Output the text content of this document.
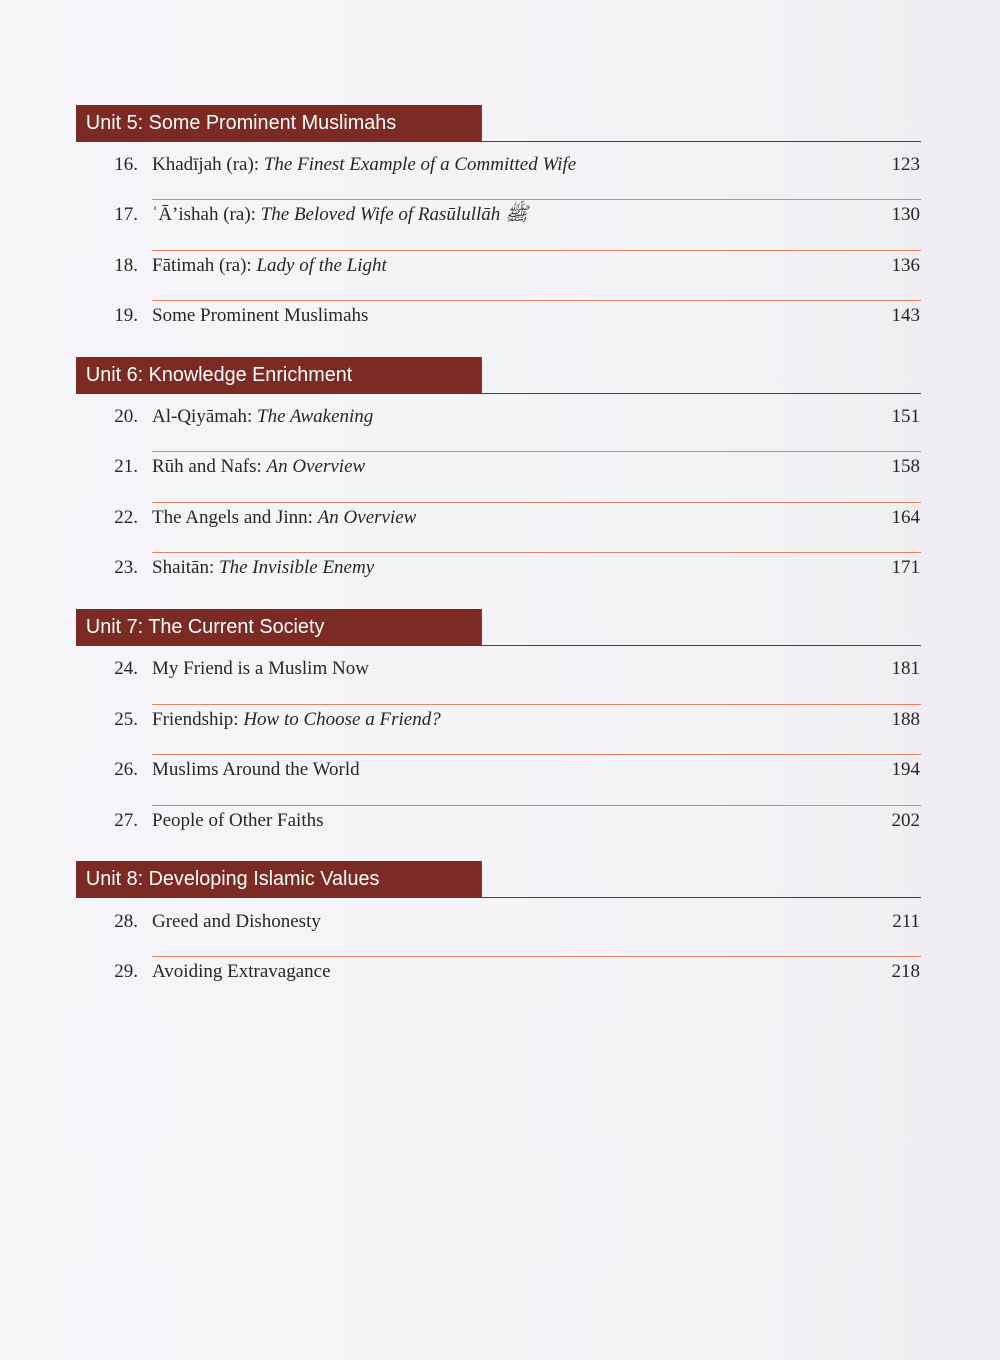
Unit 5: Some Prominent Muslimahs
16. Khadījah (ra): The Finest Example of a Committed Wife	123
17. ʿĀ’ishah (ra): The Beloved Wife of Rasūlullāh ﷺ	130
18. Fātimah (ra): Lady of the Light	136
19. Some Prominent Muslimahs	143
Unit 6: Knowledge Enrichment
20. Al-Qiyāmah: The Awakening	151
21. Rūh and Nafs: An Overview	158
22. The Angels and Jinn: An Overview	164
23. Shaitān: The Invisible Enemy	171
Unit 7: The Current Society
24. My Friend is a Muslim Now	181
25. Friendship: How to Choose a Friend?	188
26. Muslims Around the World	194
27. People of Other Faiths	202
Unit 8: Developing Islamic Values
28. Greed and Dishonesty	211
29. Avoiding Extravagance	218
